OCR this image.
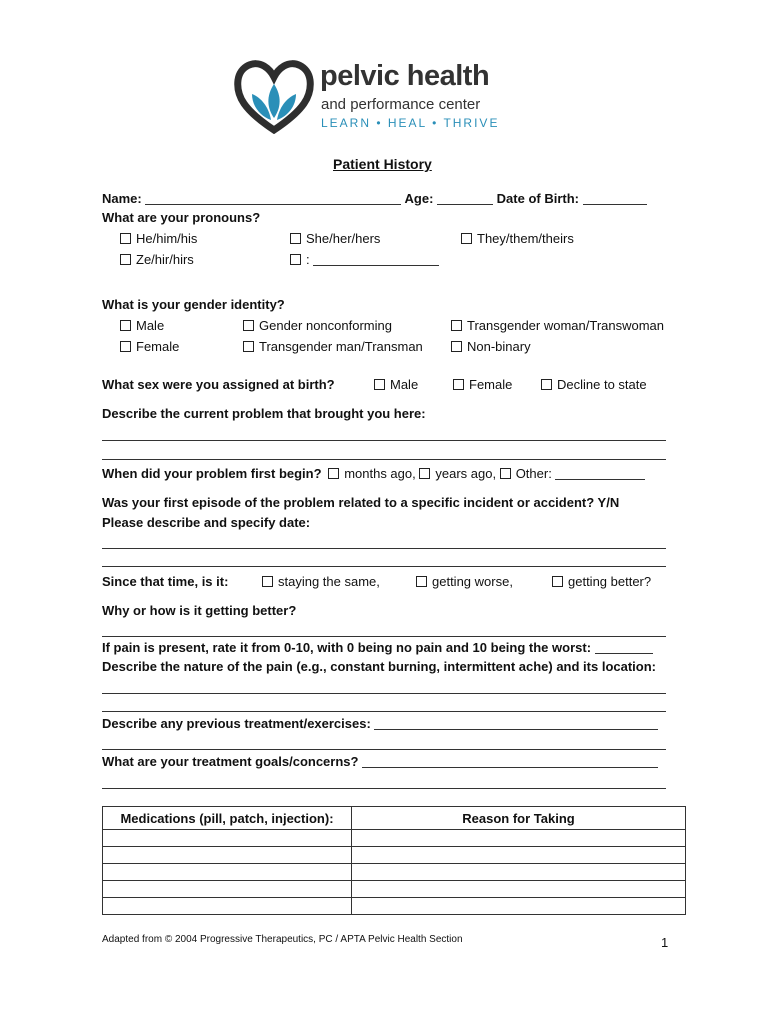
pelvic health
and performance center
LEARN • HEAL • THRIVE
Patient History
Name:	Age:	Date of Birth:
What are your pronouns?
He/him/his	She/her/hers	They/them/theirs
Ze/hir/hirs	:
What is your gender identity?
Male	Gender nonconforming	Transgender woman/Transwoman
Female	Transgender man/Transman	Non-binary
What sex were you assigned at birth?	Male	Female	Decline to state
Describe the current problem that brought you here:
When did your problem first begin? months ago, years ago, Other:
Was your first episode of the problem related to a specific incident or accident? Y/N
Please describe and specify date:
Since that time, is it:	staying the same,	getting worse,	getting better?
Why or how is it getting better?
If pain is present, rate it from 0-10, with 0 being no pain and 10 being the worst:
Describe the nature of the pain (e.g., constant burning, intermittent ache) and its location:
Describe any previous treatment/exercises:
What are your treatment goals/concerns?
Medications (pill, patch, injection):	Reason for Taking

Adapted from © 2004 Progressive Therapeutics, PC / APTA Pelvic Health Section	1
